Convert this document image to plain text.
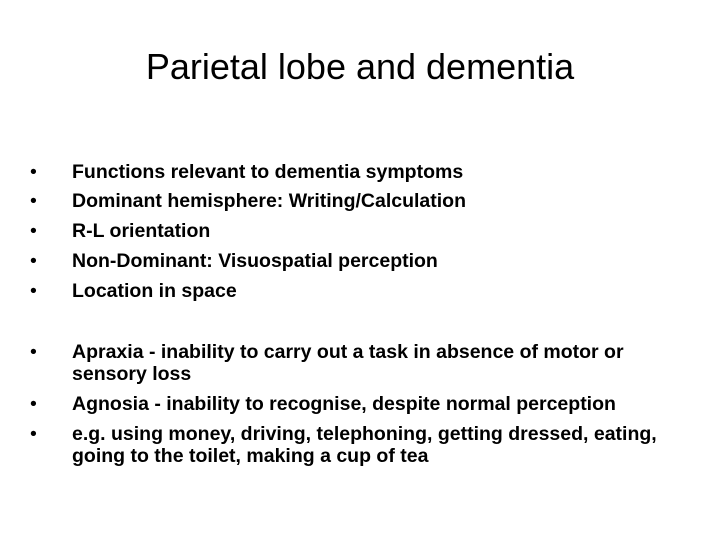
Parietal lobe and dementia
• Functions relevant to dementia symptoms
• Dominant hemisphere: Writing/Calculation
• R-L orientation
• Non-Dominant: Visuospatial perception
• Location in space
• Apraxia - inability to carry out a task in absence of motor or sensory loss
• Agnosia - inability to recognise, despite normal perception
• e.g. using money, driving, telephoning, getting dressed, eating, going to the toilet, making a cup of tea
